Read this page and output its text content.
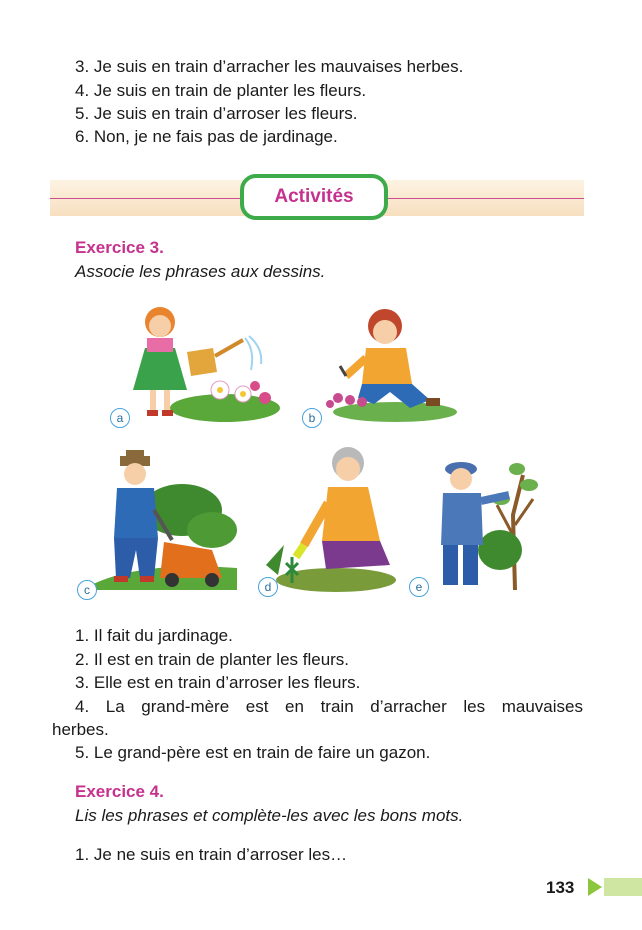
3. Je suis en train d’arracher les mauvaises herbes.
4. Je suis en train de planter les fleurs.
5. Je suis en train d’arroser les fleurs.
6. Non, je ne fais pas de jardinage.
Activités
Exercice 3.
Associe les phrases aux dessins.
a	b
c	d	e
1. Il fait du jardinage.
2. Il est en train de planter les fleurs.
3. Elle est en train d’arroser les fleurs.
4. La grand-mère est en train d’arracher les mauvaises
herbes.
5. Le grand-père est en train de faire un gazon.
Exercice 4.
Lis les phrases et complète-les avec les bons mots.
1. Je ne suis en train d’arroser les…
133
